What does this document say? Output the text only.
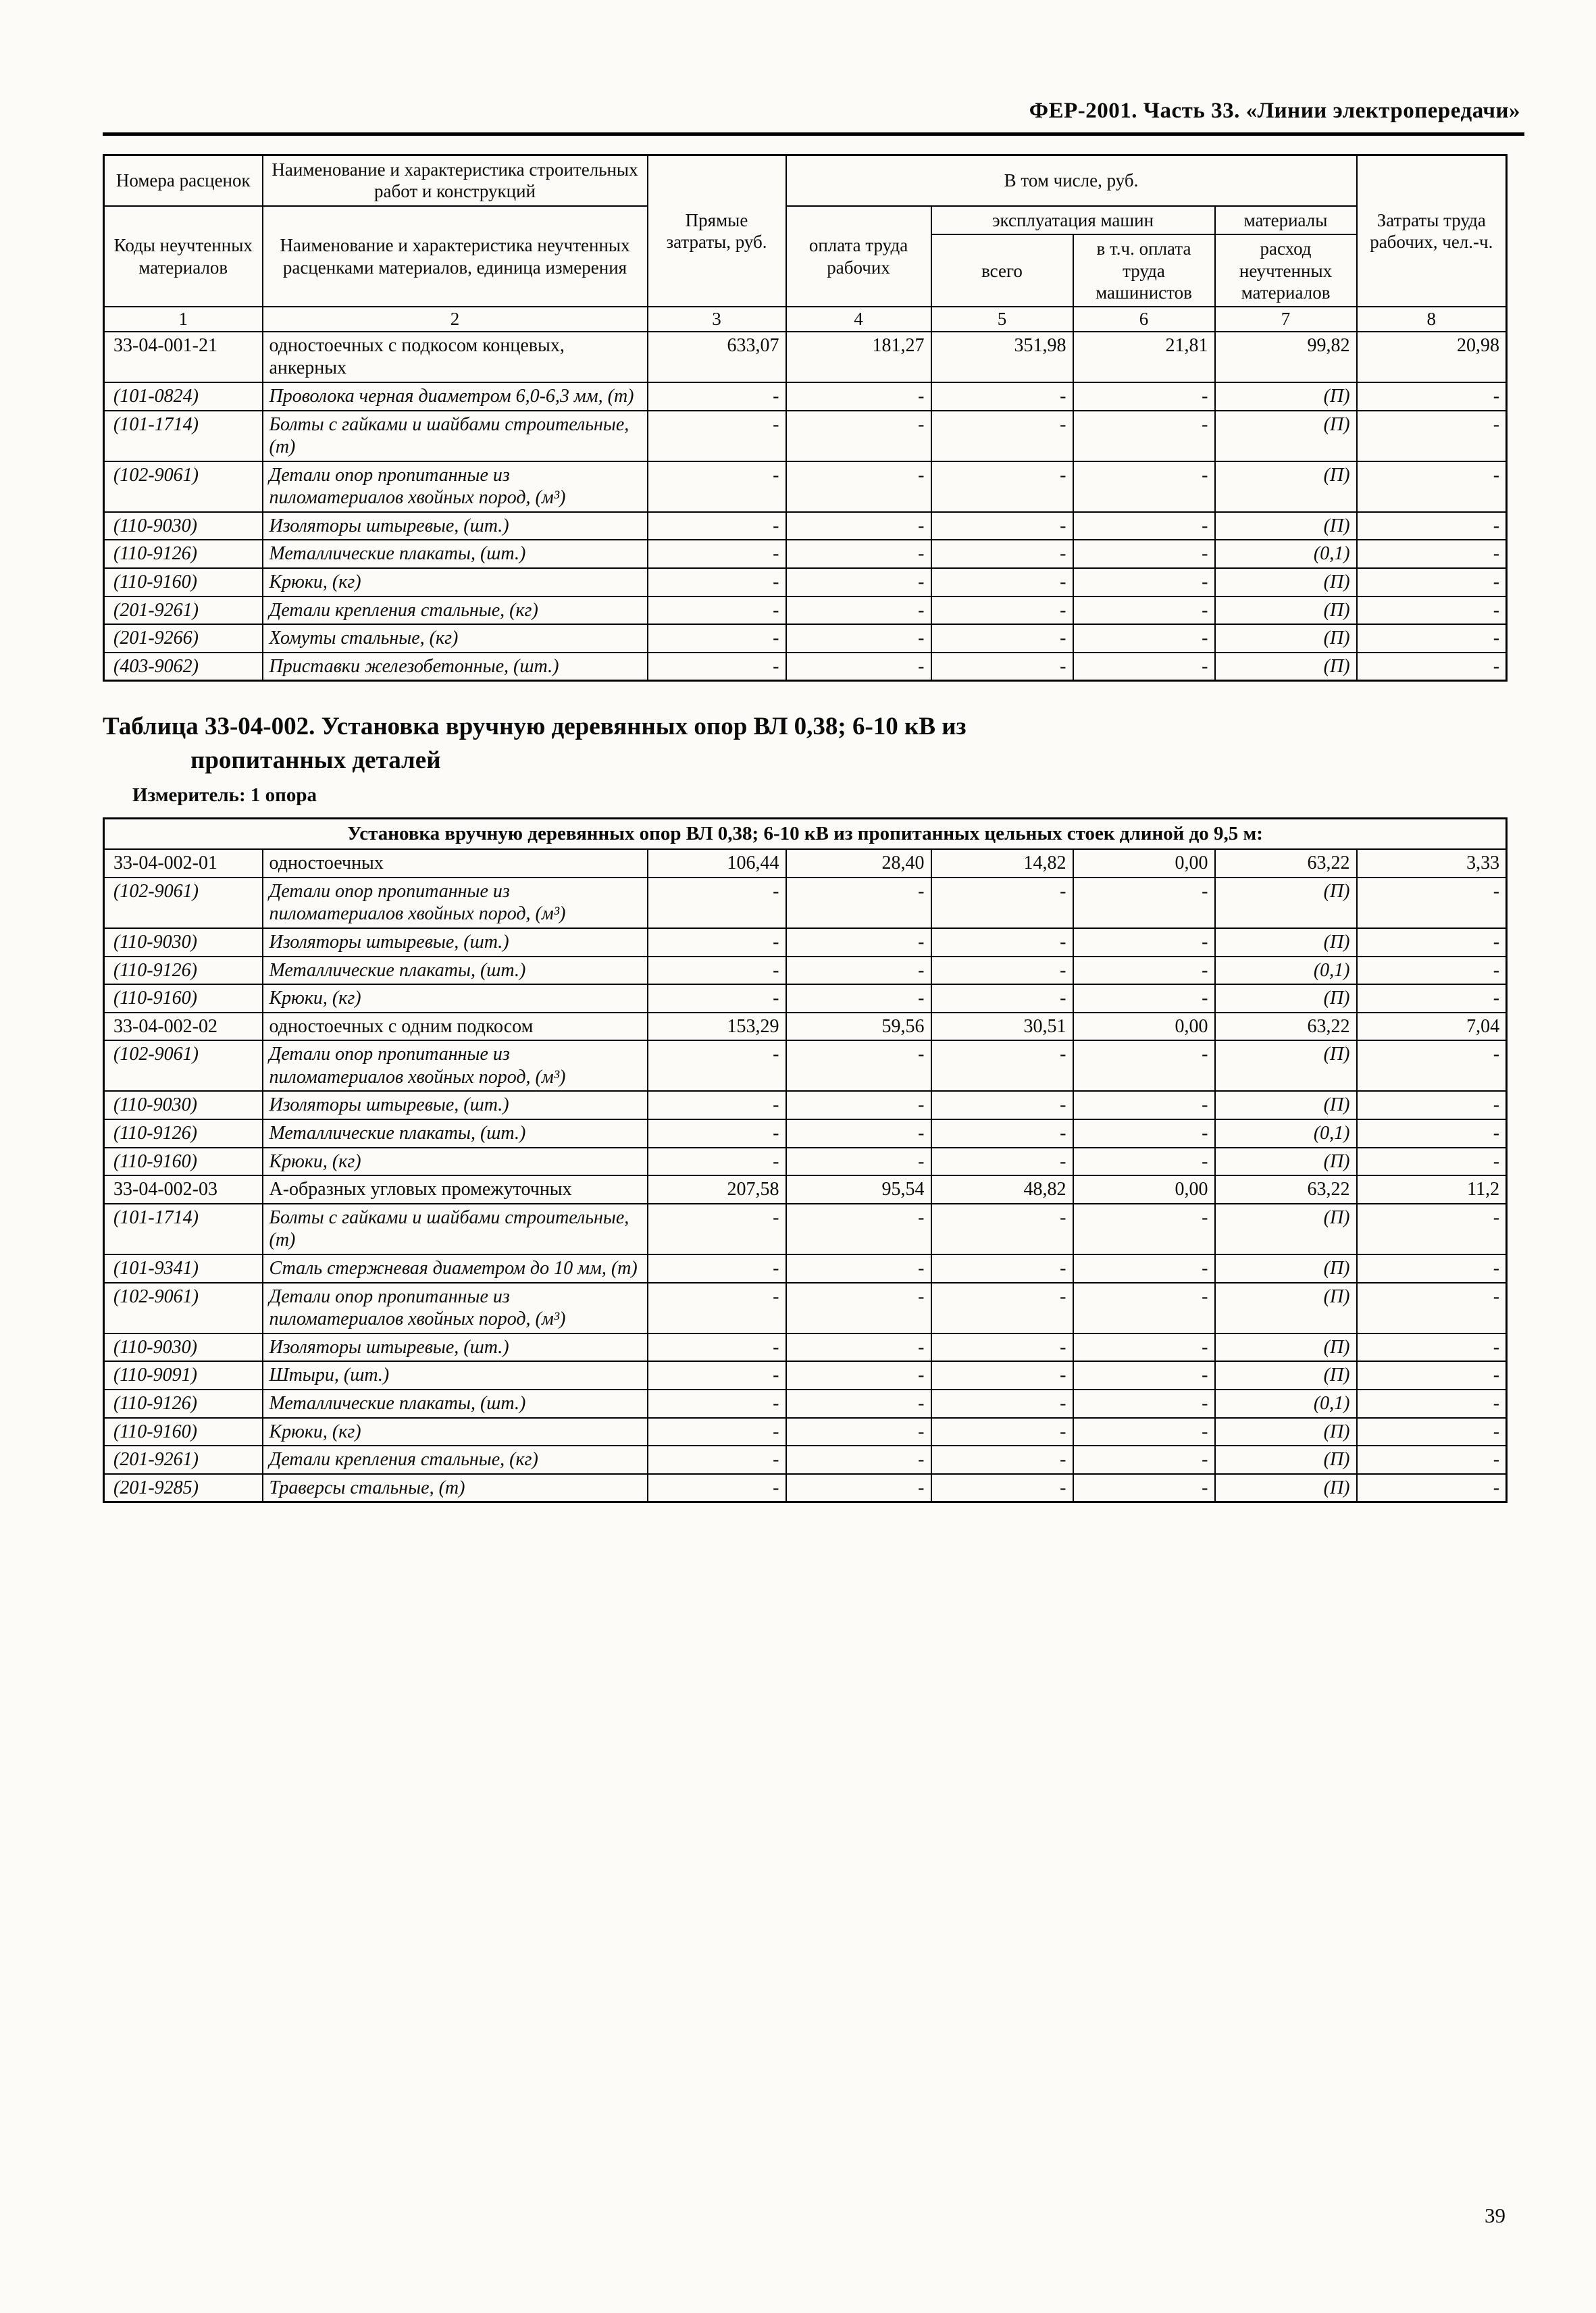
ФЕР-2001. Часть 33. «Линии электропередачи»
Номера расценок	Наименование и характеристика строительных работ и конструкций	Прямые затраты, руб.	В том числе, руб.				Затраты труда рабочих, чел.-ч.
Коды неучтенных материалов	Наименование и характеристика неучтенных расценками материалов, единица измерения		оплата труда рабочих	эксплуатация машин		материалы	
				всего	в т.ч. оплата труда машинистов	расход неучтенных материалов	
1	2	3	4	5	6	7	8
33-04-001-21	одностоечных с подкосом концевых, анкерных	633,07	181,27	351,98	21,81	99,82	20,98
(101-0824)	Проволока черная диаметром 6,0-6,3 мм, (т)	-	-	-	-	(П)	-
(101-1714)	Болты с гайками и шайбами строительные, (т)	-	-	-	-	(П)	-
(102-9061)	Детали опор пропитанные из пиломатериалов хвойных пород, (м³)	-	-	-	-	(П)	-
(110-9030)	Изоляторы штыревые, (шт.)	-	-	-	-	(П)	-
(110-9126)	Металлические плакаты, (шт.)	-	-	-	-	(0,1)	-
(110-9160)	Крюки, (кг)	-	-	-	-	(П)	-
(201-9261)	Детали крепления стальные, (кг)	-	-	-	-	(П)	-
(201-9266)	Хомуты стальные, (кг)	-	-	-	-	(П)	-
(403-9062)	Приставки железобетонные, (шт.)	-	-	-	-	(П)	-
Таблица 33-04-002. Установка вручную деревянных опор ВЛ 0,38; 6-10 кВ из
пропитанных деталей
Измеритель: 1 опора
Установка вручную деревянных опор ВЛ 0,38; 6-10 кВ из пропитанных цельных стоек длиной до 9,5 м:							
33-04-002-01	одностоечных	106,44	28,40	14,82	0,00	63,22	3,33
(102-9061)	Детали опор пропитанные из пиломатериалов хвойных пород, (м³)	-	-	-	-	(П)	-
(110-9030)	Изоляторы штыревые, (шт.)	-	-	-	-	(П)	-
(110-9126)	Металлические плакаты, (шт.)	-	-	-	-	(0,1)	-
(110-9160)	Крюки, (кг)	-	-	-	-	(П)	-
33-04-002-02	одностоечных с одним подкосом	153,29	59,56	30,51	0,00	63,22	7,04
(102-9061)	Детали опор пропитанные из пиломатериалов хвойных пород, (м³)	-	-	-	-	(П)	-
(110-9030)	Изоляторы штыревые, (шт.)	-	-	-	-	(П)	-
(110-9126)	Металлические плакаты, (шт.)	-	-	-	-	(0,1)	-
(110-9160)	Крюки, (кг)	-	-	-	-	(П)	-
33-04-002-03	А-образных угловых промежуточных	207,58	95,54	48,82	0,00	63,22	11,2
(101-1714)	Болты с гайками и шайбами строительные, (т)	-	-	-	-	(П)	-
(101-9341)	Сталь стержневая диаметром до 10 мм, (т)	-	-	-	-	(П)	-
(102-9061)	Детали опор пропитанные из пиломатериалов хвойных пород, (м³)	-	-	-	-	(П)	-
(110-9030)	Изоляторы штыревые, (шт.)	-	-	-	-	(П)	-
(110-9091)	Штыри, (шт.)	-	-	-	-	(П)	-
(110-9126)	Металлические плакаты, (шт.)	-	-	-	-	(0,1)	-
(110-9160)	Крюки, (кг)	-	-	-	-	(П)	-
(201-9261)	Детали крепления стальные, (кг)	-	-	-	-	(П)	-
(201-9285)	Траверсы стальные, (т)	-	-	-	-	(П)	-
39
